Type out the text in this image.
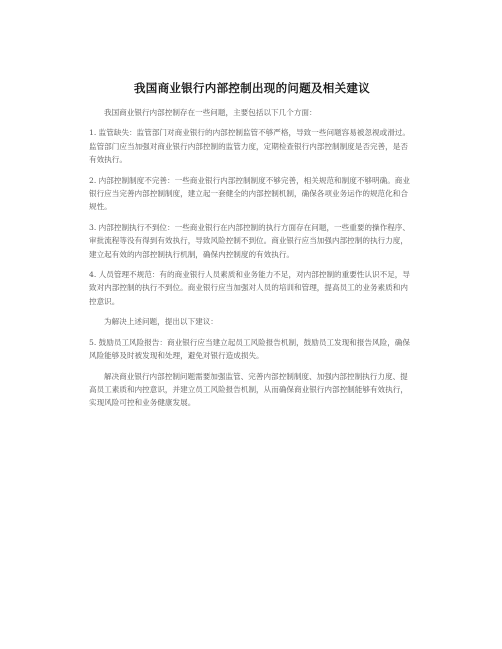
我国商业银行内部控制出现的问题及相关建议

我国商业银行内部控制存在一些问题，主要包括以下几个方面：

1. 监管缺失：监管部门对商业银行的内部控制监管不够严格，导致一些问题容易被忽视或滑过。监管部门应当加强对商业银行内部控制的监管力度，定期检查银行内部控制制度是否完善，是否有效执行。

2. 内部控制制度不完善：一些商业银行内部控制制度不够完善，相关规范和制度不够明确。商业银行应当完善内部控制制度，建立起一套健全的内部控制机制，确保各项业务运作的规范化和合规性。

3. 内部控制执行不到位：一些商业银行在内部控制的执行方面存在问题，一些重要的操作程序、审批流程等没有得到有效执行，导致风险控制不到位。商业银行应当加强内部控制的执行力度，建立起有效的内部控制执行机制，确保内控制度的有效执行。

4. 人员管理不规范：有的商业银行人员素质和业务能力不足，对内部控制的重要性认识不足，导致对内部控制的执行不到位。商业银行应当加强对人员的培训和管理，提高员工的业务素质和内控意识。

为解决上述问题，提出以下建议：

5. 鼓励员工风险报告：商业银行应当建立起员工风险报告机制，鼓励员工发现和报告风险，确保风险能够及时被发现和处理，避免对银行造成损失。

解决商业银行内部控制问题需要加强监管、完善内部控制制度、加强内部控制执行力度、提高员工素质和内控意识，并建立员工风险报告机制，从而确保商业银行内部控制能够有效执行，实现风险可控和业务健康发展。
